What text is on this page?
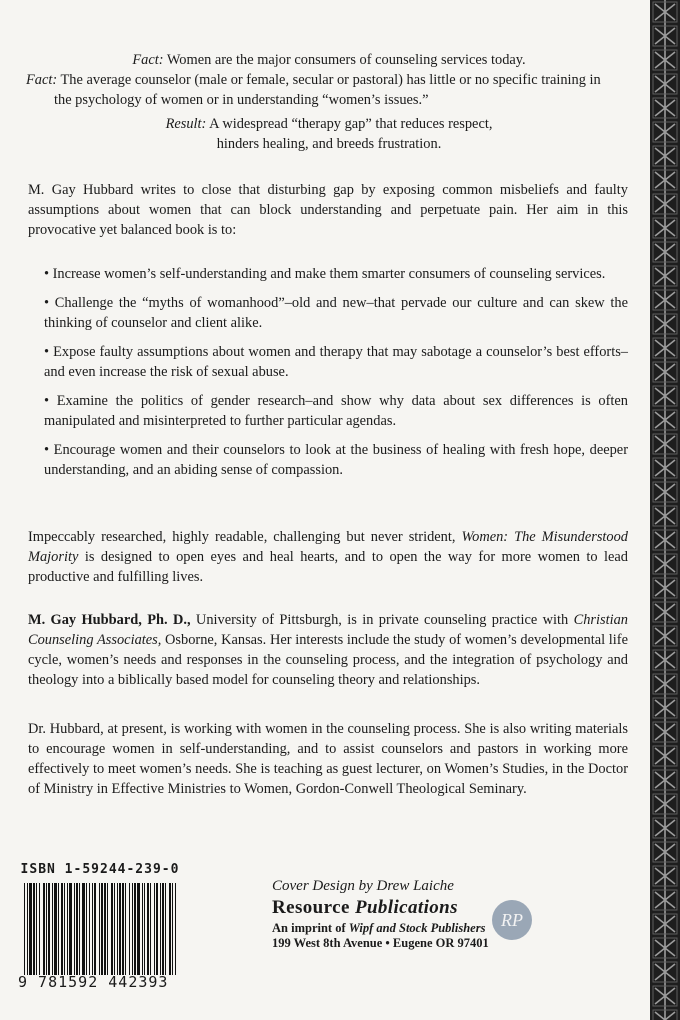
Fact: Women are the major consumers of counseling services today.
Fact: The average counselor (male or female, secular or pastoral) has little or no specific training in
the psychology of women or in understanding “women’s issues.”
Result: A widespread “therapy gap” that reduces respect,
hinders healing, and breeds frustration.
M. Gay Hubbard writes to close that disturbing gap by exposing common misbeliefs and faulty assumptions about women that can block understanding and perpetuate pain. Her aim in this provocative yet balanced book is to:
• Increase women’s self-understanding and make them smarter consumers of counseling services.
• Challenge the “myths of womanhood”–old and new–that pervade our culture and can skew the thinking of counselor and client alike.
• Expose faulty assumptions about women and therapy that may sabotage a counselor’s best efforts–and even increase the risk of sexual abuse.
• Examine the politics of gender research–and show why data about sex differences is often manipulated and misinterpreted to further particular agendas.
• Encourage women and their counselors to look at the business of healing with fresh hope, deeper understanding, and an abiding sense of compassion.
Impeccably researched, highly readable, challenging but never strident, Women: The Misunderstood Majority is designed to open eyes and heal hearts, and to open the way for more women to lead productive and fulfilling lives.
M. Gay Hubbard, Ph. D., University of Pittsburgh, is in private counseling practice with Christian Counseling Associates, Osborne, Kansas. Her interests include the study of women’s developmental life cycle, women’s needs and responses in the counseling process, and the integration of psychology and theology into a biblically based model for counseling theory and relationships.
Dr. Hubbard, at present, is working with women in the counseling process. She is also writing materials to encourage women in self-understanding, and to assist counselors and pastors in working more effectively to meet women’s needs. She is teaching as guest lecturer, on Women’s Studies, in the Doctor of Ministry in Effective Ministries to Women, Gordon-Conwell Theological Seminary.
ISBN 1-59244-239-0
9 781592 442393
Cover Design by Drew Laiche
Resource Publications
An imprint of Wipf and Stock Publishers
199 West 8th Avenue • Eugene OR 97401
RP
